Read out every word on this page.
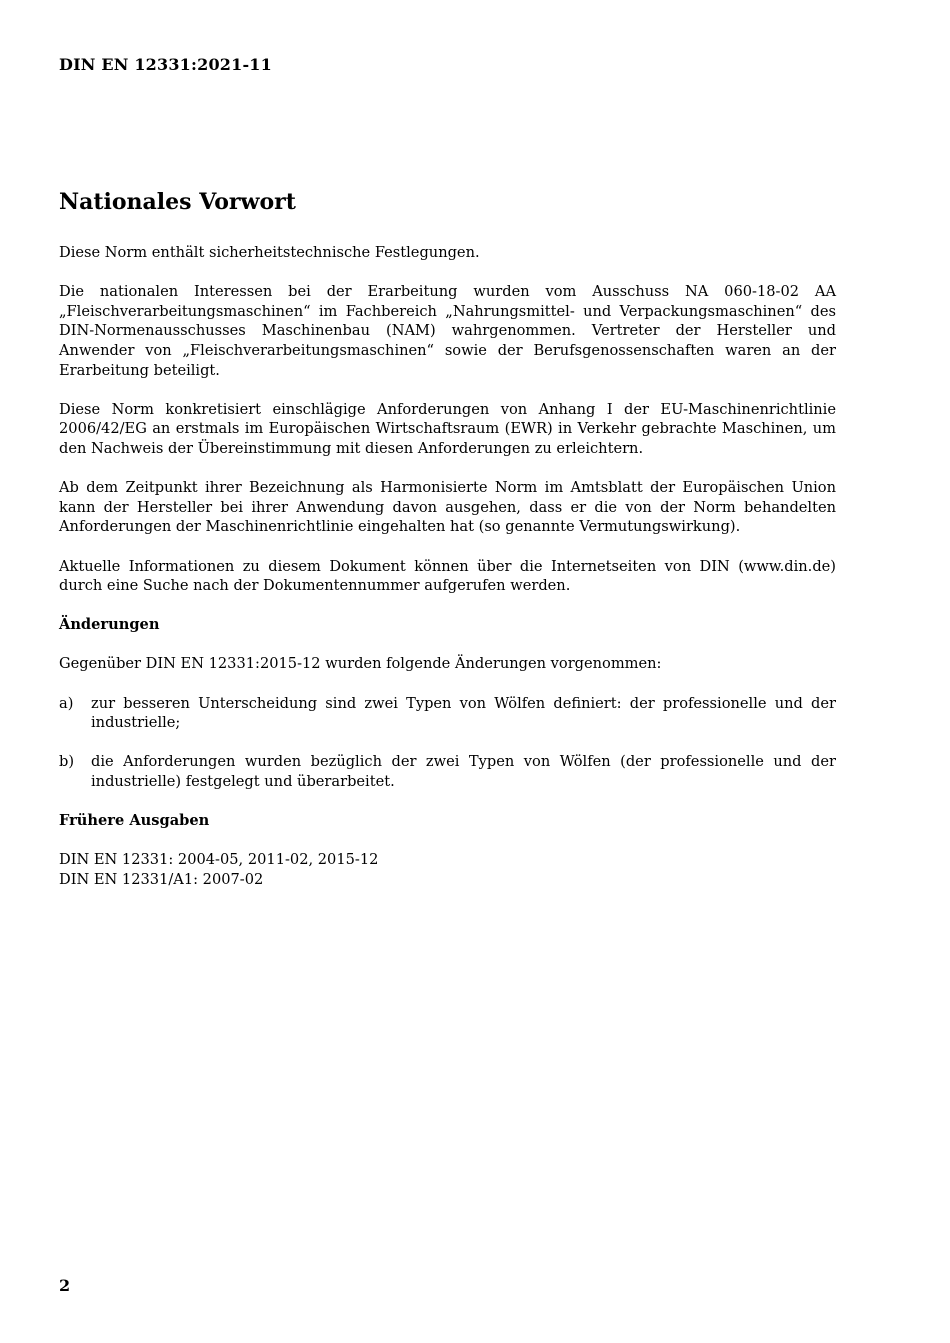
DIN EN 12331:2021-11
Nationales Vorwort

Diese Norm enthält sicherheitstechnische Festlegungen.

Die nationalen Interessen bei der Erarbeitung wurden vom Ausschuss NA 060-18-02 AA „Fleischverarbeitungsmaschinen“ im Fachbereich „Nahrungsmittel- und Verpackungsmaschinen“ des DIN-Normenausschusses Maschinenbau (NAM) wahrgenommen. Vertreter der Hersteller und Anwender von „Fleischverarbeitungsmaschinen“ sowie der Berufsgenossenschaften waren an der Erarbeitung beteiligt.

Diese Norm konkretisiert einschlägige Anforderungen von Anhang I der EU-Maschinenrichtlinie 2006/42/EG an erstmals im Europäischen Wirtschaftsraum (EWR) in Verkehr gebrachte Maschinen, um den Nachweis der Übereinstimmung mit diesen Anforderungen zu erleichtern.

Ab dem Zeitpunkt ihrer Bezeichnung als Harmonisierte Norm im Amtsblatt der Europäischen Union kann der Hersteller bei ihrer Anwendung davon ausgehen, dass er die von der Norm behandelten Anforderungen der Maschinenrichtlinie eingehalten hat (so genannte Vermutungswirkung).

Aktuelle Informationen zu diesem Dokument können über die Internetseiten von DIN (www.din.de) durch eine Suche nach der Dokumentennummer aufgerufen werden.

Änderungen

Gegenüber DIN EN 12331:2015-12 wurden folgende Änderungen vorgenommen:

a)	zur besseren Unterscheidung sind zwei Typen von Wölfen definiert: der professionelle und der industrielle;
b)	die Anforderungen wurden bezüglich der zwei Typen von Wölfen (der professionelle und der industrielle) festgelegt und überarbeitet.
Frühere Ausgaben

DIN EN 12331: 2004-05, 2011-02, 2015-12

DIN EN 12331/A1: 2007-02

2
